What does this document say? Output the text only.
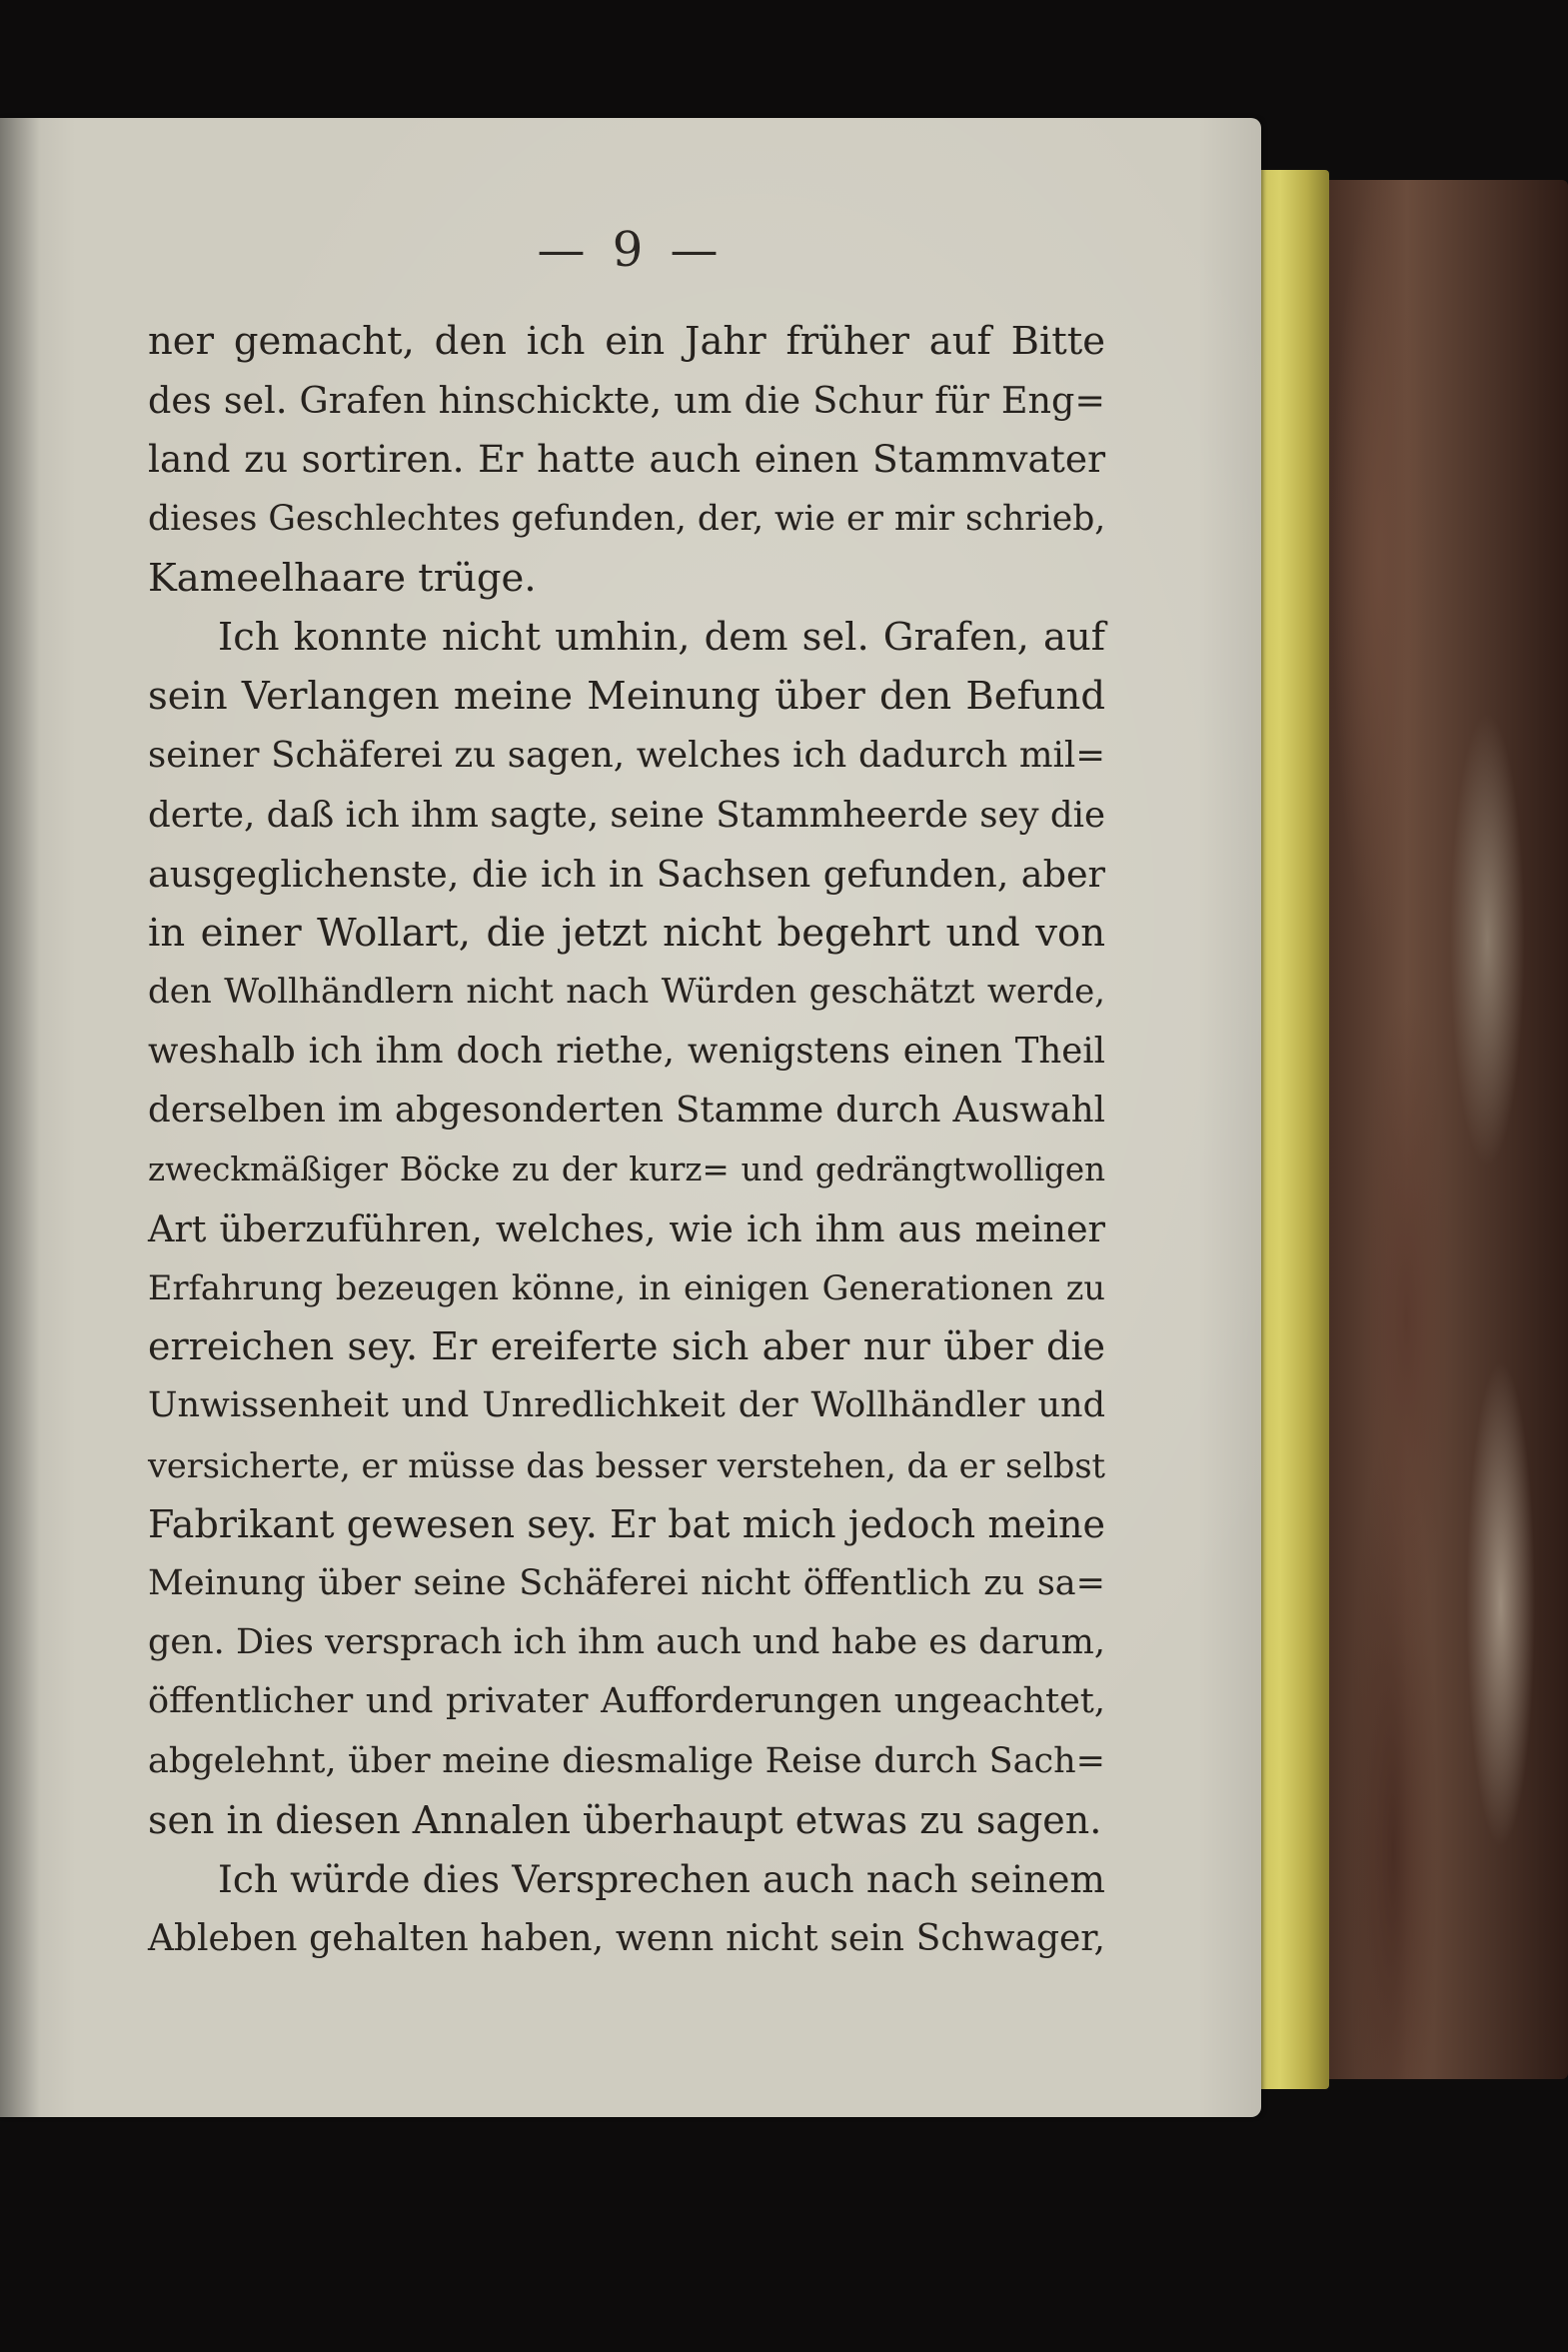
— 9 —
ner gemacht, den ich ein Jahr früher auf Bitte
des sel. Grafen hinschickte, um die Schur für Eng=
land zu sortiren. Er hatte auch einen Stammvater
dieses Geschlechtes gefunden, der, wie er mir schrieb,
Kameelhaare trüge.
Ich konnte nicht umhin, dem sel. Grafen, auf
sein Verlangen meine Meinung über den Befund
seiner Schäferei zu sagen, welches ich dadurch mil=
derte, daß ich ihm sagte, seine Stammheerde sey die
ausgeglichenste, die ich in Sachsen gefunden, aber
in einer Wollart, die jetzt nicht begehrt und von
den Wollhändlern nicht nach Würden geschätzt werde,
weshalb ich ihm doch riethe, wenigstens einen Theil
derselben im abgesonderten Stamme durch Auswahl
zweckmäßiger Böcke zu der kurz= und gedrängtwolligen
Art überzuführen, welches, wie ich ihm aus meiner
Erfahrung bezeugen könne, in einigen Generationen zu
erreichen sey. Er ereiferte sich aber nur über die
Unwissenheit und Unredlichkeit der Wollhändler und
versicherte, er müsse das besser verstehen, da er selbst
Fabrikant gewesen sey. Er bat mich jedoch meine
Meinung über seine Schäferei nicht öffentlich zu sa=
gen. Dies versprach ich ihm auch und habe es darum,
öffentlicher und privater Aufforderungen ungeachtet,
abgelehnt, über meine diesmalige Reise durch Sach=
sen in diesen Annalen überhaupt etwas zu sagen.
Ich würde dies Versprechen auch nach seinem
Ableben gehalten haben, wenn nicht sein Schwager,
